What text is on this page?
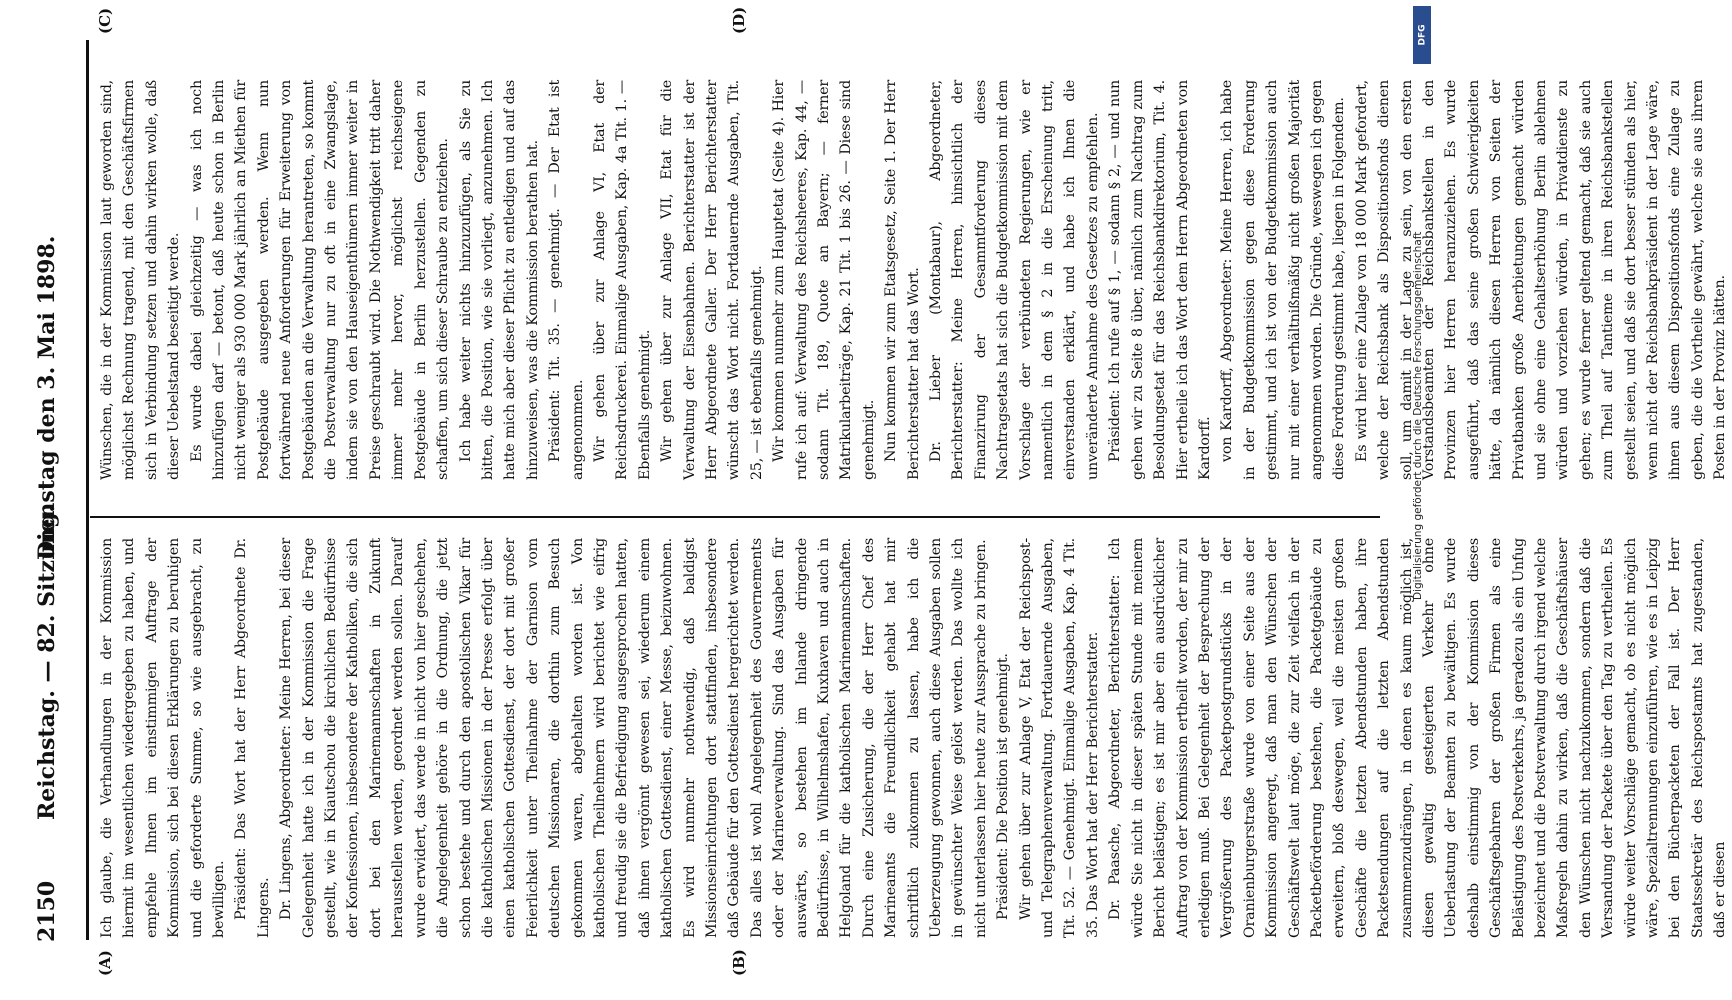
2150
Reichstag. — 82. Sitzung.
Dienstag den 3. Mai 1898.
(A)	(B)
(C)	(D)

Ich glaube, die Verhandlungen in der Kommission hiermit im wesentlichen wiedergegeben zu haben, und empfehle Ihnen im einstimmigen Auftrage der Kommission, sich bei diesen Erklärungen zu beruhigen und die geforderte Summe, so wie ausgebracht, zu bewilligen. Präsident: Das Wort hat der Herr Abgeordnete Dr. Lingens. Dr. Lingens, Abgeordneter: Meine Herren, bei dieser Gelegenheit hatte ich in der Kommission die Frage gestellt, wie in Kiautschou die kirchlichen Bedürfnisse der Konfessionen, insbesondere der Katholiken, die sich dort bei den Marinemannschaften in Zukunft herausstellen werden, geordnet werden sollen. Darauf wurde erwidert, das werde in nicht von hier geschehen, die Angelegenheit gehöre in die Ordnung, die jetzt schon bestehe und durch den apostolischen Vikar für die katholischen Missionen in der Presse erfolgt über einen katholischen Gottesdienst, der dort mit großer Feierlichkeit unter Theilnahme der Garnison vom deutschen Missionaren, die dorthin zum Besuch gekommen waren, abgehalten worden ist. Von katholischen Theilnehmern wird berichtet wie eifrig und freudig sie die Befriedigung ausgesprochen hatten, daß ihnen vergönnt gewesen sei, wiederum einem katholischen Gottesdienst, einer Messe, beizuwohnen. Es wird nunmehr nothwendig, daß baldigst Missionseinrichtungen dort stattfinden, insbesondere daß Gebäude für den Gottesdienst hergerichtet werden. Das alles ist wohl Angelegenheit des Gouvernements oder der Marineverwaltung. Sind das Ausgaben für auswärts, so bestehen im Inlande dringende Bedürfnisse, in Wilhelmshafen, Kuxhaven und auch in Helgoland für die katholischen Marinemannschaften. Durch eine Zusicherung, die der Herr Chef des Marineamts die Freundlichkeit gehabt hat mir schriftlich zukommen zu lassen, habe ich die Ueberzeugung gewonnen, auch diese Ausgaben sollen in gewünschter Weise gelöst werden. Das wollte ich nicht unterlassen hier heute zur Aussprache zu bringen. Präsident: Die Position ist genehmigt. Wir gehen über zur Anlage V, Etat der Reichspost- und Telegraphenverwaltung. Fortdauernde Ausgaben, Tit. 52. — Genehmigt. Einmalige Ausgaben, Kap. 4 Tit. 35. Das Wort hat der Herr Berichterstatter. Dr. Paasche, Abgeordneter, Berichterstatter: Ich würde Sie nicht in dieser späten Stunde mit meinem Bericht belästigen; es ist mir aber ein ausdrücklicher Auftrag von der Kommission ertheilt worden, der mir zu erledigen muß. Bei Gelegenheit der Besprechung der Vergrößerung des Packetpostgrundstücks in der Oranienburgerstraße wurde von einer Seite aus der Kommission angeregt, daß man den Wünschen der Geschäftswelt laut möge, die zur Zeit vielfach in der Packetbeförderung bestehen, die Packetgebäude zu erweitern, bloß deswegen, weil die meisten großen Geschäfte die letzten Abendstunden haben, ihre Packetsendungen auf die letzten Abendstunden zusammenzudrängen, in denen es kaum möglich ist, diesen gewaltig gesteigerten Verkehr ohne Ueberlastung der Beamten zu bewältigen. Es wurde deshalb einstimmig von der Kommission dieses Geschäftsgebahren der großen Firmen als eine Belästigung des Postverkehrs, ja geradezu als ein Unfug bezeichnet und die Postverwaltung durch irgend welche Maßregeln dahin zu wirken, daß die Geschäftshäuser den Wünschen nicht nachzukommen, sondern daß die Versandung der Packete über den Tag zu vertheilen. Es würde weiter Vorschläge gemacht, ob es nicht möglich wäre, Spezialtrennungen einzuführen, wie es in Leipzig bei den Bücherpacketen der Fall ist. Der Herr Staatssekretär des Reichspostamts hat zugestanden, daß er diesen

Wünschen, die in der Kommission laut geworden sind, möglichst Rechnung tragend, mit den Geschäftsfirmen sich in Verbindung setzen und dahin wirken wolle, daß dieser Uebelstand beseitigt werde. Es wurde dabei gleichzeitig — was ich noch hinzufügen darf — betont, daß heute schon in Berlin nicht weniger als 930 000 Mark jährlich an Miethen für Postgebäude ausgegeben werden. Wenn nun fortwährend neue Anforderungen für Erweiterung von Postgebäuden an die Verwaltung herantreten, so kommt die Postverwaltung nur zu oft in eine Zwangslage, indem sie von den Hauseigenthümern immer weiter in Preise geschraubt wird. Die Nothwendigkeit tritt daher immer mehr hervor, möglichst reichseigene Postgebäude in Berlin herzustellen. Gegenden zu schaffen, um sich dieser Schraube zu entziehen. Ich habe weiter nichts hinzuzufügen, als Sie zu bitten, die Position, wie sie vorliegt, anzunehmen. Ich hatte mich aber dieser Pflicht zu entledigen und auf das hinzuweisen, was die Kommission berathen hat. Präsident: Tit. 35. — genehmigt. — Der Etat ist angenommen. Wir gehen über zur Anlage VI, Etat der Reichsdruckerei. Einmalige Ausgaben, Kap. 4a Tit. 1. — Ebenfalls genehmigt. Wir gehen über zur Anlage VII, Etat für die Verwaltung der Eisenbahnen. Berichterstatter ist der Herr Abgeordnete Galler. Der Herr Berichterstatter wünscht das Wort nicht. Fortdauernde Ausgaben, Tit. 25, — ist ebenfalls genehmigt. Wir kommen nunmehr zum Hauptetat (Seite 4). Hier rufe ich auf: Verwaltung des Reichsheeres, Kap. 44, — sodann Tit. 189, Quote an Bayern; — ferner Matrikularbeiträge, Kap. 21 Tit. 1 bis 26. — Diese sind genehmigt. Nun kommen wir zum Etatsgesetz, Seite 1. Der Herr Berichterstatter hat das Wort. Dr. Lieber (Montabaur), Abgeordneter, Berichterstatter: Meine Herren, hinsichtlich der Finanzirung der Gesammtforderung dieses Nachtragsetats hat sich die Budgetkommission mit dem Vorschlage der verbündeten Regierungen, wie er namentlich in dem § 2 in die Erscheinung tritt, einverstanden erklärt, und habe ich Ihnen die unveränderte Annahme des Gesetzes zu empfehlen. Präsident: Ich rufe auf § 1, — sodann § 2, — und nun gehen wir zu Seite 8 über, nämlich zum Nachtrag zum Besoldungsetat für das Reichsbankdirektorium, Tit. 4. Hier ertheile ich das Wort dem Herrn Abgeordneten von Kardorff. von Kardorff, Abgeordneter: Meine Herren, ich habe in der Budgetkommission gegen diese Forderung gestimmt, und ich ist von der Budgetkommission auch nur mit einer verhältnißmäßig nicht großen Majorität angenommen worden. Die Gründe, weswegen ich gegen diese Forderung gestimmt habe, liegen in Folgendem. Es wird hier eine Zulage von 18 000 Mark gefordert, welche der Reichsbank als Dispositionsfonds dienen soll, um damit in der Lage zu sein, von den ersten Vorstandsbeamten der Reichsbankstellen in den Provinzen hier Herren heranzuziehen. Es wurde ausgeführt, daß das seine großen Schwierigkeiten hätte, da nämlich diesen Herren von Seiten der Privatbanken große Anerbietungen gemacht würden und sie ohne eine Gehaltserhöhung Berlin ablehnen würden und vorziehen würden, in Privatdienste zu gehen; es wurde ferner geltend gemacht, daß sie auch zum Theil auf Tantieme in ihren Reichsbankstellen gestellt seien, und daß sie dort besser stünden als hier, wenn nicht der Reichsbankpräsident in der Lage wäre, ihnen aus diesem Dispositionsfonds eine Zulage zu geben, die die Vortheile gewährt, welche sie aus ihrem Posten in der Provinz hätten.

DFG
Digitalisierung gefördert durch die Deutsche Forschungsgemeinschaft
